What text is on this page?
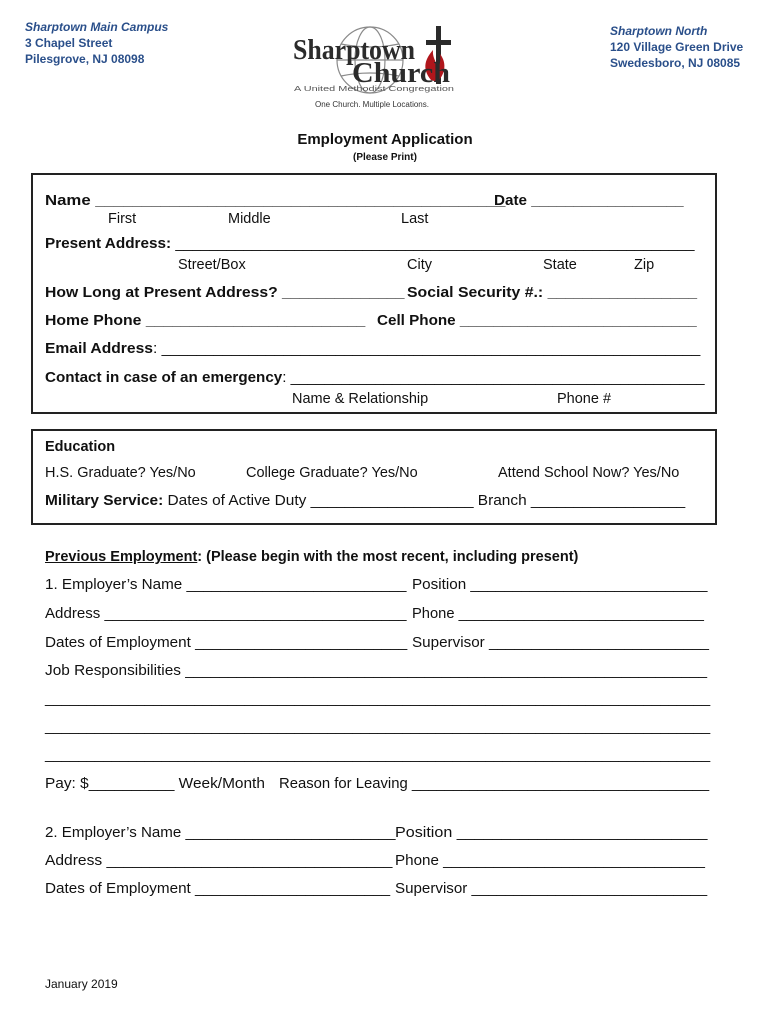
Sharptown Main Campus
3 Chapel Street
Pilesgrove, NJ 08098
Sharptown North
120 Village Green Drive
Swedesboro, NJ 08085
Sharptown
Church
A United Methodist Congregation
One Church. Multiple Locations.
Employment Application
(Please Print)
Name ____________________________________________
Date __________________
First	Middle	Last
Present Address: _____________________________________________________________
Street/Box	City	State	Zip
How Long at Present Address? ______________ Social Security #.: _________________
Home Phone _________________________ Cell Phone ____________________________
Email Address: ______________________________________________________________
Contact in case of an emergency: _________________________________________________
Name & Relationship	Phone #
Education
H.S. Graduate? Yes/No	College Graduate? Yes/No	Attend School Now? Yes/No
Military Service: Dates of Active Duty ___________________ Branch __________________
Previous Employment: (Please begin with the most recent, including present)
1. Employer’s Name __________________________ Position ____________________________
Address ____________________________________ Phone ______________________________
Dates of Employment _________________________ Supervisor __________________________
Job Responsibilities _____________________________________________________________
________________________________________________________________________________
________________________________________________________________________________
________________________________________________________________________________
Pay: $__________ Week/Month Reason for Leaving ____________________________________
2. Employer’s Name _________________________ Position ____________________________
Address _________________________________ Phone _______________________________
Dates of Employment _______________________ Supervisor ____________________________
January 2019
